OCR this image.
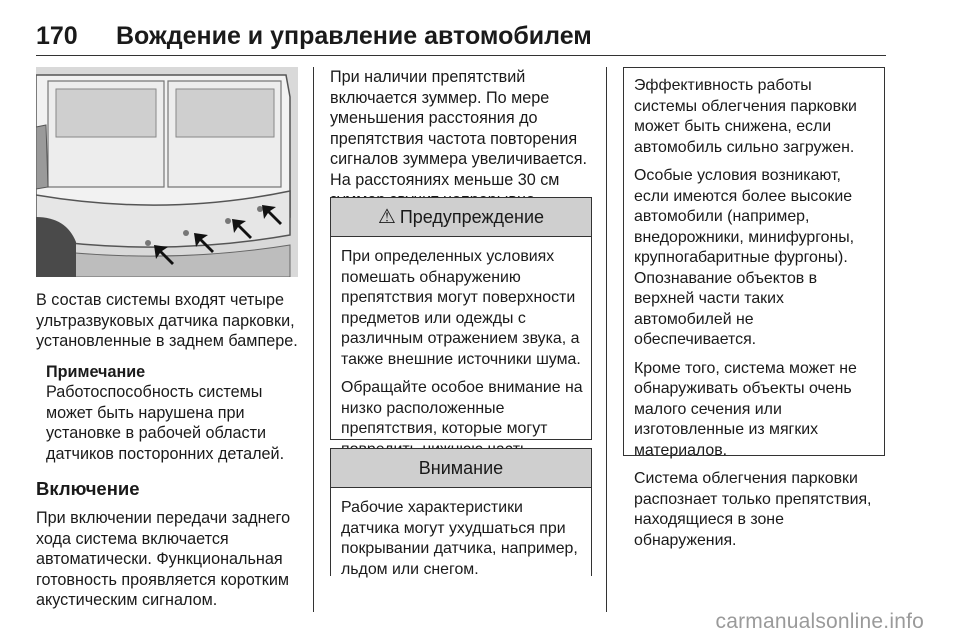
170 Вождение и управление автомобилем

В состав системы входят четыре ультразвуковых датчика парковки, установленные в заднем бампере.

Примечание

Работоспособность системы может быть нарушена при установке в рабочей области датчиков посторонних деталей.

Включение

При включении передачи заднего хода система включается автоматически. Функциональная готовность проявляется коротким акустическим сигналом.

При наличии препятствий включается зуммер. По мере уменьшения расстояния до препятствия частота повторения сигналов зуммера увеличивается. На расстояниях меньше 30 см

⚠ Предупреждение

При определенных условиях помешать обнаружению препятствия могут поверхности предметов или одежды с различным отражением звука, а также внешние источники шума.

Обращайте особое внимание на низко расположенные препятствия, которые могут

Внимание

Рабочие характеристики датчика могут ухудшаться при покрывании датчика, например, льдом или снегом.

Эффективность работы системы облегчения парковки может быть снижена, если автомобиль сильно загружен.

Особые условия возникают, если имеются более высокие автомобили (например, внедорожники, минифургоны, крупногабаритные фургоны). Опознавание объектов в верхней части таких автомобилей не обеспечивается.

Кроме того, система может не обнаруживать объекты очень малого сечения или изготовленные из мягких материалов.

Система облегчения парковки распознает только препятствия, находящиеся в зоне обнаружения.

carmanualsonline.info
